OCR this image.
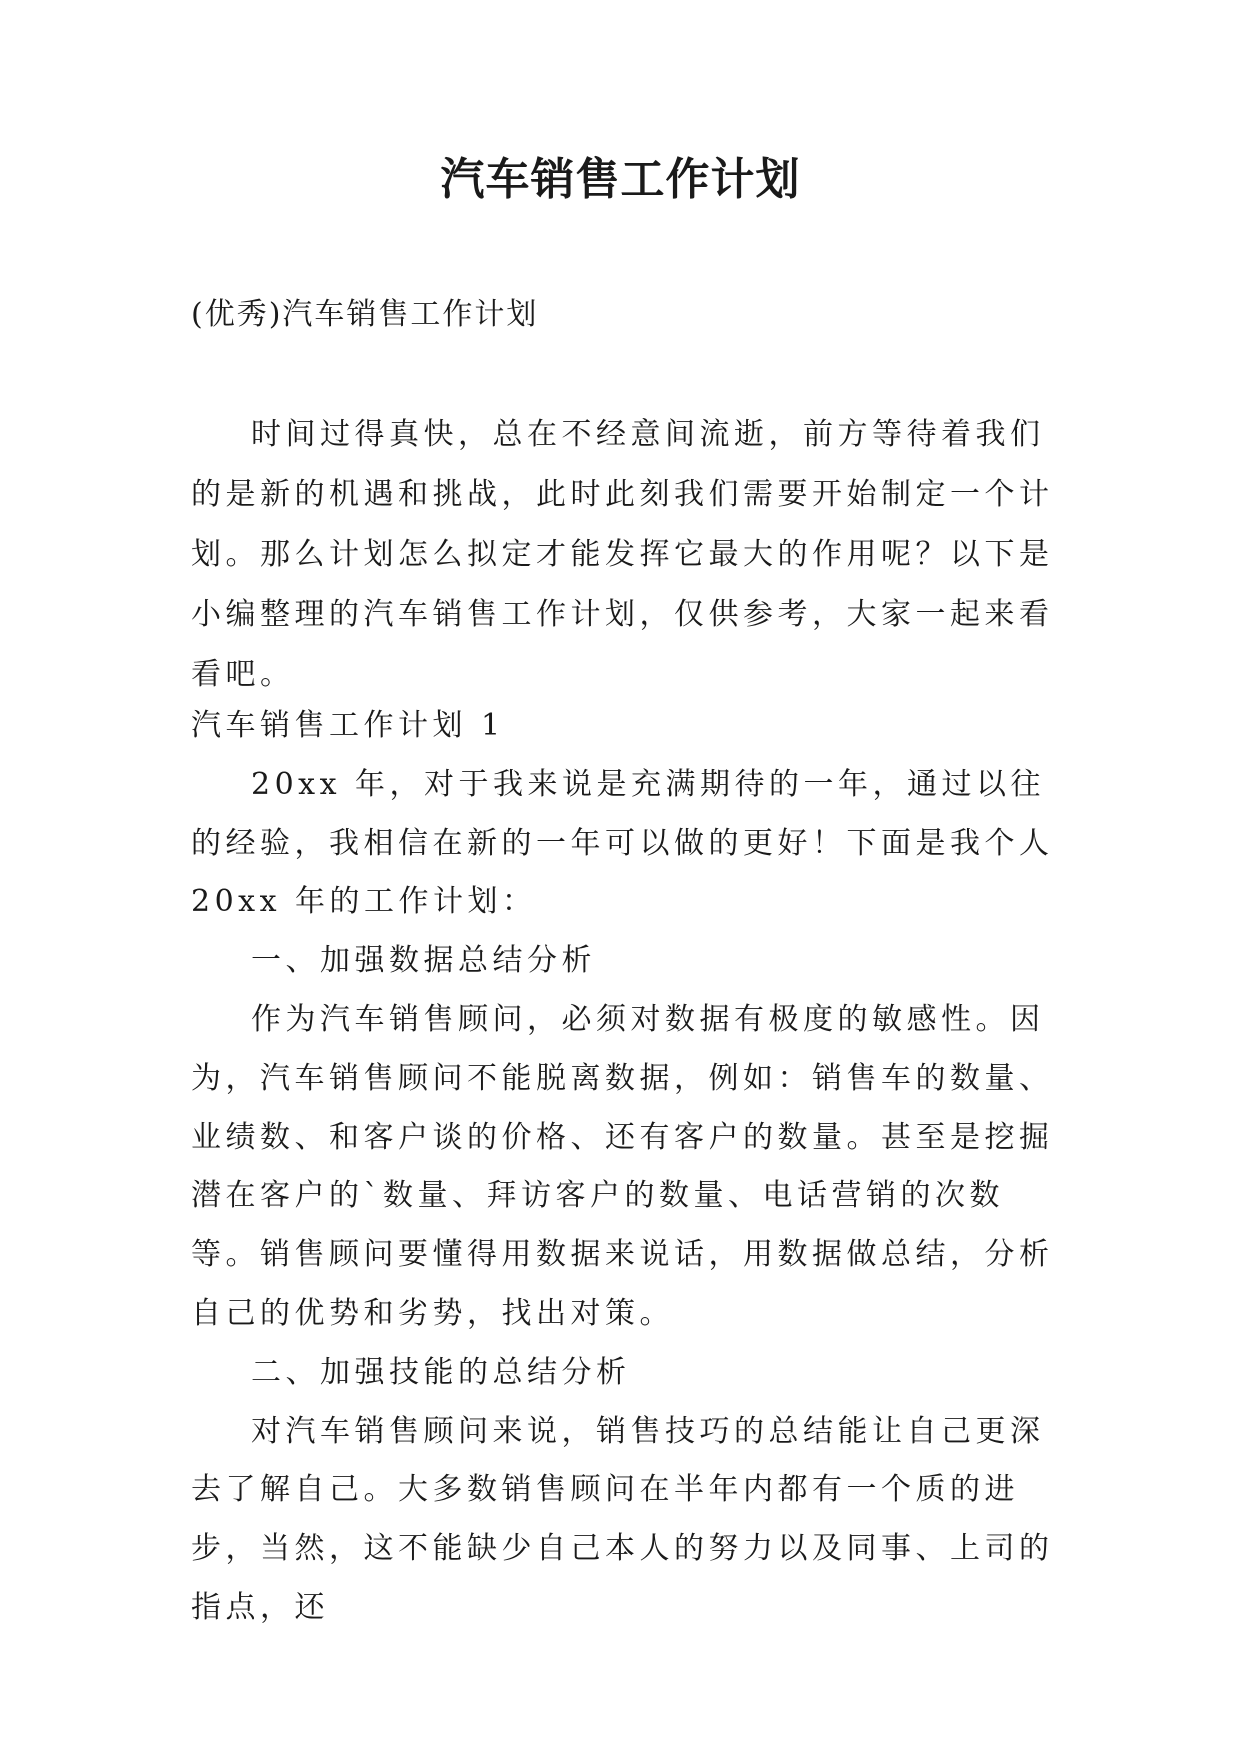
汽车销售工作计划
(优秀)汽车销售工作计划

时间过得真快，总在不经意间流逝，前方等待着我们的是新的机遇和挑战，此时此刻我们需要开始制定一个计划。那么计划怎么拟定才能发挥它最大的作用呢？以下是小编整理的汽车销售工作计划，仅供参考，大家一起来看看吧。

汽车销售工作计划 1

20xx 年，对于我来说是充满期待的一年，通过以往的经验，我相信在新的一年可以做的更好！下面是我个人 20xx 年的工作计划：

一、加强数据总结分析

作为汽车销售顾问，必须对数据有极度的敏感性。因为，汽车销售顾问不能脱离数据，例如：销售车的数量、业绩数、和客户谈的价格、还有客户的数量。甚至是挖掘潜在客户的`数量、拜访客户的数量、电话营销的次数等。销售顾问要懂得用数据来说话，用数据做总结，分析自己的优势和劣势，找出对策。

二、加强技能的总结分析

对汽车销售顾问来说，销售技巧的总结能让自己更深去了解自己。大多数销售顾问在半年内都有一个质的进步，当然，这不能缺少自己本人的努力以及同事、上司的指点，还
